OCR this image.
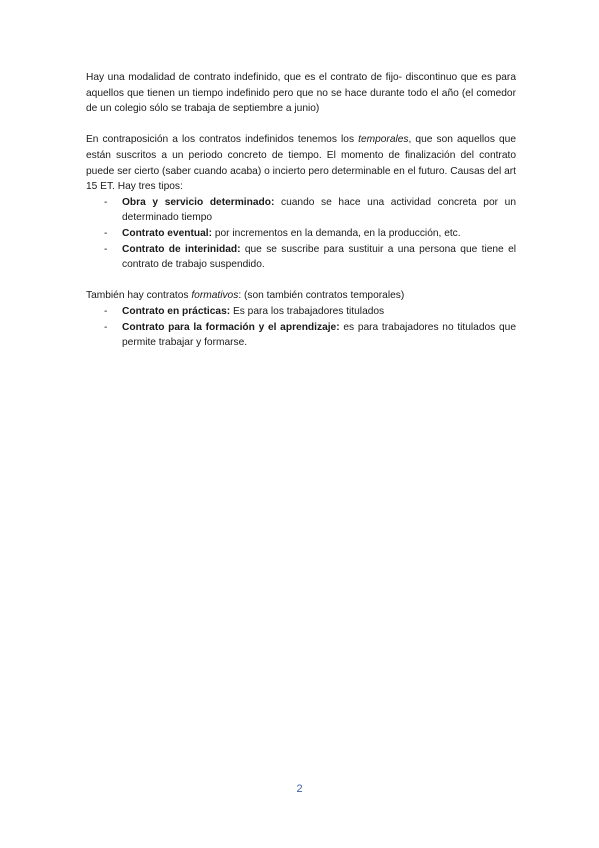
Hay una modalidad de contrato indefinido, que es el contrato de fijo- discontinuo que es para aquellos que tienen un tiempo indefinido pero que no se hace durante todo el año (el comedor de un colegio sólo se trabaja de septiembre a junio)

En contraposición a los contratos indefinidos tenemos los temporales, que son aquellos que están suscritos a un periodo concreto de tiempo. El momento de finalización del contrato puede ser cierto (saber cuando acaba) o incierto pero determinable en el futuro. Causas del art 15 ET. Hay tres tipos:

- Obra y servicio determinado: cuando se hace una actividad concreta por un determinado tiempo
- Contrato eventual: por incrementos en la demanda, en la producción, etc.
- Contrato de interinidad: que se suscribe para sustituir a una persona que tiene el contrato de trabajo suspendido.

También hay contratos formativos: (son también contratos temporales)

- Contrato en prácticas: Es para los trabajadores titulados
- Contrato para la formación y el aprendizaje: es para trabajadores no titulados que permite trabajar y formarse.
2
